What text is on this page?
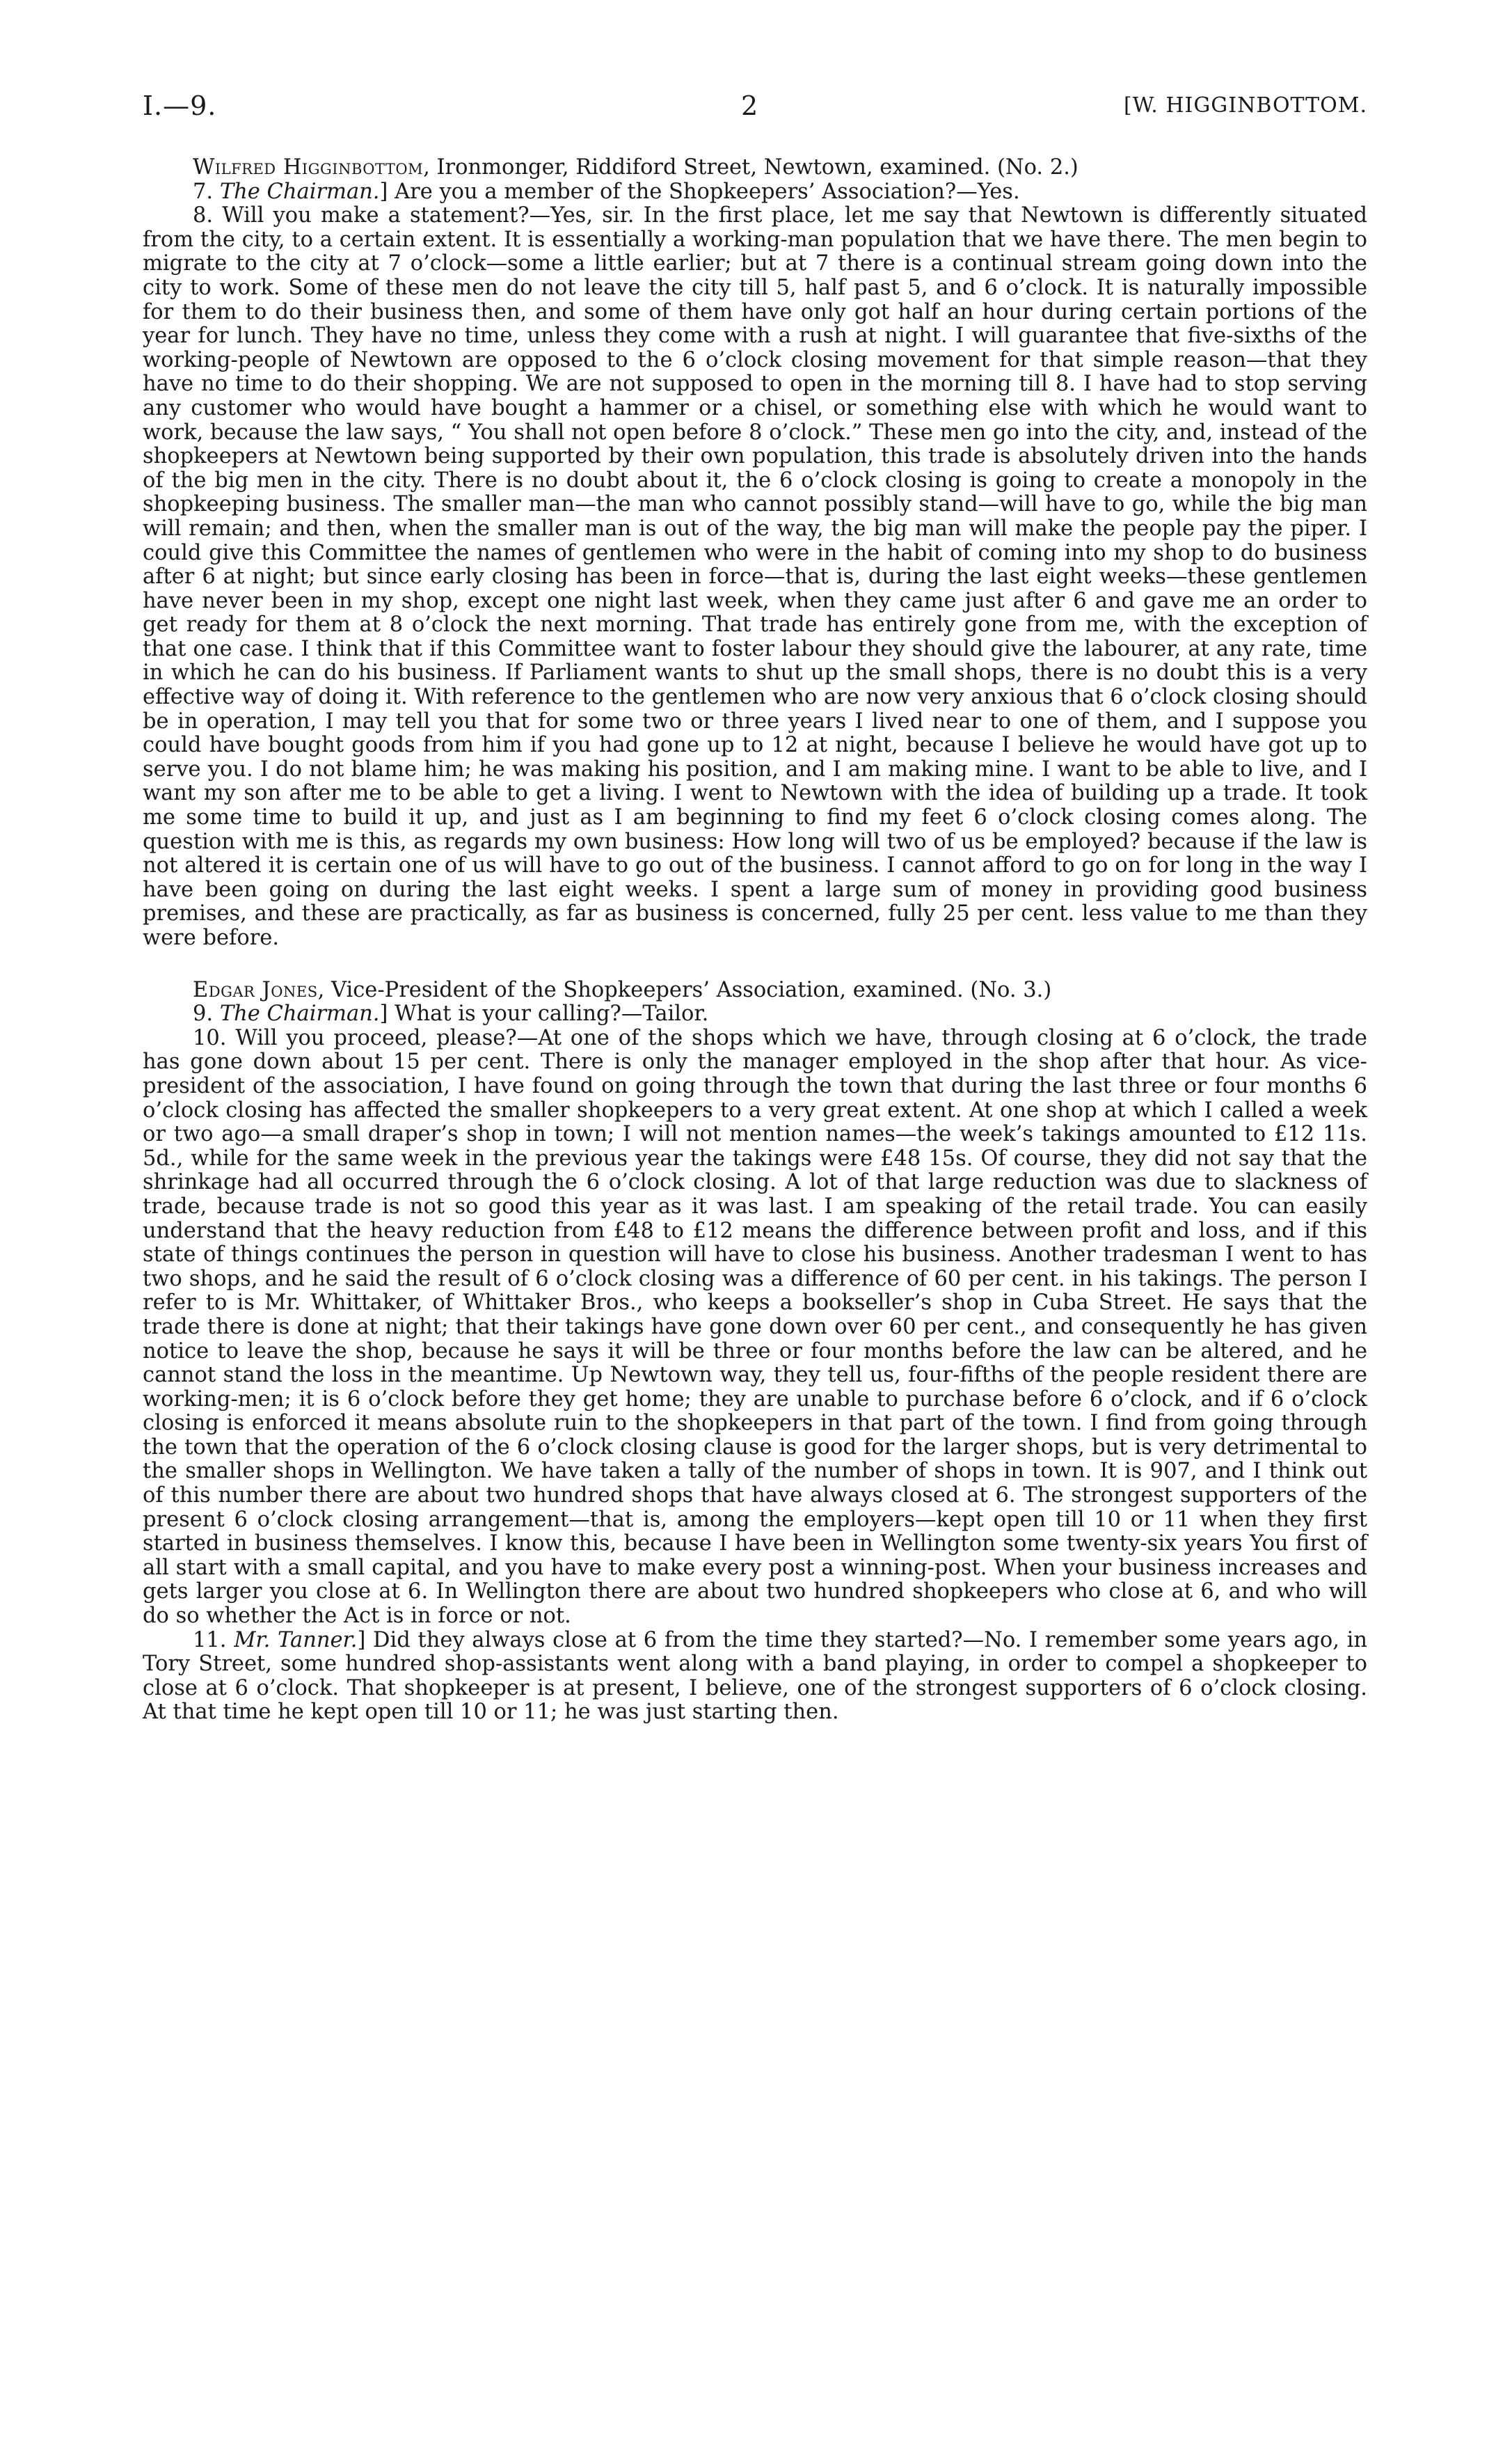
I.—9.	2	[W. HIGGINBOTTOM.

Wilfred Higginbottom, Ironmonger, Riddiford Street, Newtown, examined. (No. 2.)

7. The Chairman.] Are you a member of the Shopkeepers’ Association?—Yes.

8. Will you make a statement?—Yes, sir. In the first place, let me say that Newtown is differently situated from the city, to a certain extent. It is essentially a working-man population that we have there. The men begin to migrate to the city at 7 o’clock—some a little earlier; but at 7 there is a continual stream going down into the city to work. Some of these men do not leave the city till 5, half past 5, and 6 o’clock. It is naturally impossible for them to do their business then, and some of them have only got half an hour during certain portions of the year for lunch. They have no time, unless they come with a rush at night. I will guarantee that five-sixths of the working-people of Newtown are opposed to the 6 o’clock closing movement for that simple reason—that they have no time to do their shopping. We are not supposed to open in the morning till 8. I have had to stop serving any customer who would have bought a hammer or a chisel, or something else with which he would want to work, because the law says, “ You shall not open before 8 o’clock.” These men go into the city, and, instead of the shopkeepers at Newtown being supported by their own population, this trade is absolutely driven into the hands of the big men in the city. There is no doubt about it, the 6 o’clock closing is going to create a monopoly in the shopkeeping business. The smaller man—the man who cannot possibly stand—will have to go, while the big man will remain; and then, when the smaller man is out of the way, the big man will make the people pay the piper. I could give this Committee the names of gentlemen who were in the habit of coming into my shop to do business after 6 at night; but since early closing has been in force—that is, during the last eight weeks—these gentlemen have never been in my shop, except one night last week, when they came just after 6 and gave me an order to get ready for them at 8 o’clock the next morning. That trade has entirely gone from me, with the exception of that one case. I think that if this Committee want to foster labour they should give the labourer, at any rate, time in which he can do his business. If Parliament wants to shut up the small shops, there is no doubt this is a very effective way of doing it. With reference to the gentlemen who are now very anxious that 6 o’clock closing should be in operation, I may tell you that for some two or three years I lived near to one of them, and I suppose you could have bought goods from him if you had gone up to 12 at night, because I believe he would have got up to serve you. I do not blame him; he was making his position, and I am making mine. I want to be able to live, and I want my son after me to be able to get a living. I went to Newtown with the idea of building up a trade. It took me some time to build it up, and just as I am beginning to find my feet 6 o’clock closing comes along. The question with me is this, as regards my own business: How long will two of us be employed? because if the law is not altered it is certain one of us will have to go out of the business. I cannot afford to go on for long in the way I have been going on during the last eight weeks. I spent a large sum of money in providing good business premises, and these are practically, as far as business is concerned, fully 25 per cent. less value to me than they were before.

Edgar Jones, Vice-President of the Shopkeepers’ Association, examined. (No. 3.)

9. The Chairman.] What is your calling?—Tailor.

10. Will you proceed, please?—At one of the shops which we have, through closing at 6 o’clock, the trade has gone down about 15 per cent. There is only the manager employed in the shop after that hour. As vice-president of the association, I have found on going through the town that during the last three or four months 6 o’clock closing has affected the smaller shopkeepers to a very great extent. At one shop at which I called a week or two ago—a small draper’s shop in town; I will not mention names—the week’s takings amounted to £12 11s. 5d., while for the same week in the previous year the takings were £48 15s. Of course, they did not say that the shrinkage had all occurred through the 6 o’clock closing. A lot of that large reduction was due to slackness of trade, because trade is not so good this year as it was last. I am speaking of the retail trade. You can easily understand that the heavy reduction from £48 to £12 means the difference between profit and loss, and if this state of things continues the person in question will have to close his business. Another tradesman I went to has two shops, and he said the result of 6 o’clock closing was a difference of 60 per cent. in his takings. The person I refer to is Mr. Whittaker, of Whittaker Bros., who keeps a bookseller’s shop in Cuba Street. He says that the trade there is done at night; that their takings have gone down over 60 per cent., and consequently he has given notice to leave the shop, because he says it will be three or four months before the law can be altered, and he cannot stand the loss in the meantime. Up Newtown way, they tell us, four-fifths of the people resident there are working-men; it is 6 o’clock before they get home; they are unable to purchase before 6 o’clock, and if 6 o’clock closing is enforced it means absolute ruin to the shopkeepers in that part of the town. I find from going through the town that the operation of the 6 o’clock closing clause is good for the larger shops, but is very detrimental to the smaller shops in Wellington. We have taken a tally of the number of shops in town. It is 907, and I think out of this number there are about two hundred shops that have always closed at 6. The strongest supporters of the present 6 o’clock closing arrangement—that is, among the employers—kept open till 10 or 11 when they first started in business themselves. I know this, because I have been in Wellington some twenty-six years You first of all start with a small capital, and you have to make every post a winning-post. When your business increases and gets larger you close at 6. In Wellington there are about two hundred shopkeepers who close at 6, and who will do so whether the Act is in force or not.

11. Mr. Tanner.] Did they always close at 6 from the time they started?—No. I remember some years ago, in Tory Street, some hundred shop-assistants went along with a band playing, in order to compel a shopkeeper to close at 6 o’clock. That shopkeeper is at present, I believe, one of the strongest supporters of 6 o’clock closing. At that time he kept open till 10 or 11; he was just starting then.
